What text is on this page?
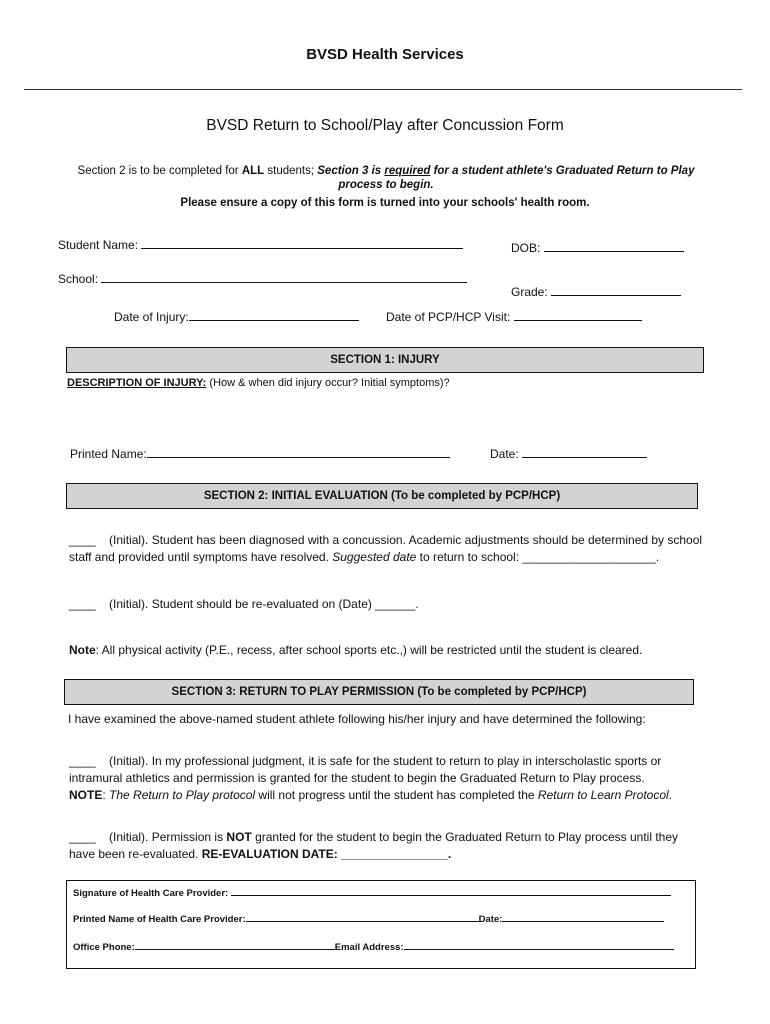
BVSD Health Services
BVSD Return to School/Play after Concussion Form
Section 2 is to be completed for ALL students; Section 3 is required for a student athlete's Graduated Return to Play process to begin.
Please ensure a copy of this form is turned into your schools' health room.
Student Name:	DOB:
School:
Grade:
Date of Injury:	Date of PCP/HCP Visit:
SECTION 1: INJURY
DESCRIPTION OF INJURY: (How & when did injury occur? Initial symptoms)?
Printed Name:	Date:
SECTION 2: INITIAL EVALUATION (To be completed by PCP/HCP)
____ (Initial). Student has been diagnosed with a concussion. Academic adjustments should be determined by school
staff and provided until symptoms have resolved. Suggested date to return to school: ____________________.
____ (Initial). Student should be re-evaluated on (Date) ______.
Note: All physical activity (P.E., recess, after school sports etc.,) will be restricted until the student is cleared.
SECTION 3: RETURN TO PLAY PERMISSION (To be completed by PCP/HCP)
I have examined the above-named student athlete following his/her injury and have determined the following:
____ (Initial). In my professional judgment, it is safe for the student to return to play in interscholastic sports or
intramural athletics and permission is granted for the student to begin the Graduated Return to Play process.
NOTE: The Return to Play protocol will not progress until the student has completed the Return to Learn Protocol.
____ (Initial). Permission is NOT granted for the student to begin the Graduated Return to Play process until they
have been re-evaluated. RE-EVALUATION DATE: ________________.
Signature of Health Care Provider:
Printed Name of Health Care Provider:	Date:
Office Phone:	Email Address:
